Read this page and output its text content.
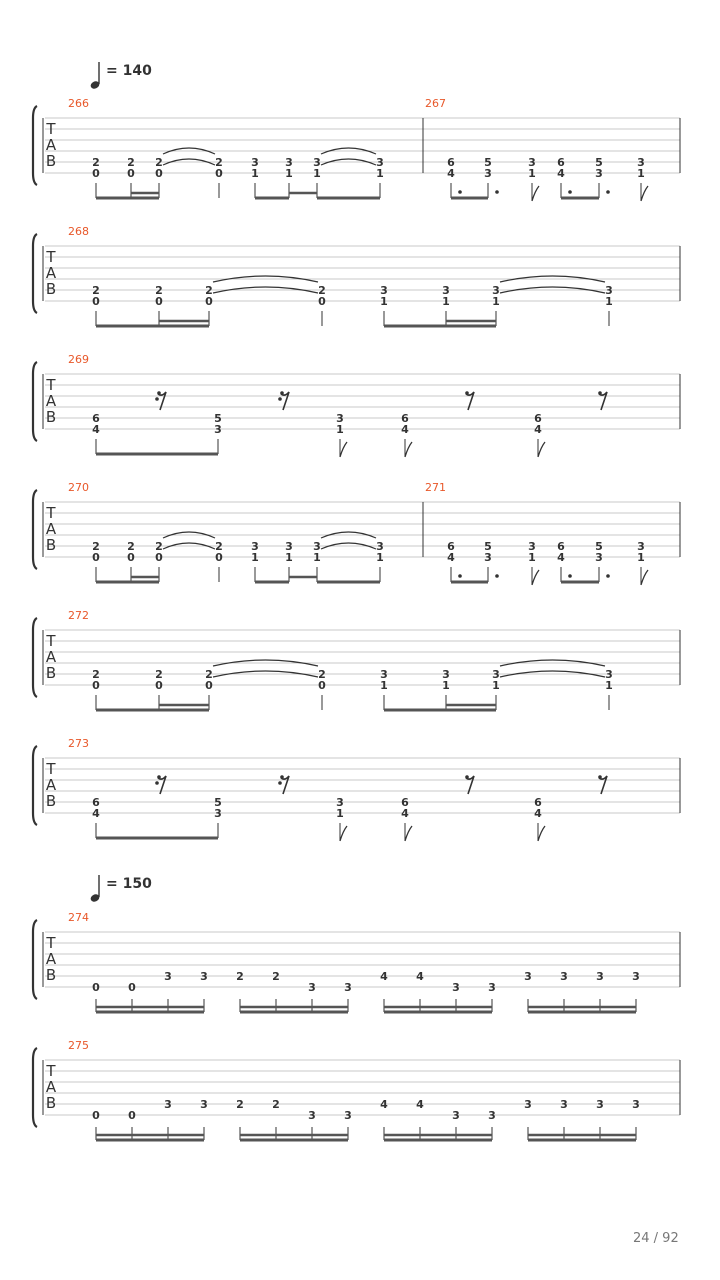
= 140
= 150
T
A
B
266
2
0
2
0
2
0
2
0
3
1
3
1
3
1
3
1
267
6
4
5
3
3
1
6
4
5
3
3
1
T
A
B
268
2
0
2
0
2
0
2
0
3
1
3
1
3
1
3
1
T
A
B
269
6
4
5
3
3
1
6
4
6
4
T
A
B
270
2
0
2
0
2
0
2
0
3
1
3
1
3
1
3
1
271
6
4
5
3
3
1
6
4
5
3
3
1
T
A
B
272
2
0
2
0
2
0
2
0
3
1
3
1
3
1
3
1
T
A
B
273
6
4
5
3
3
1
6
4
6
4
T
A
B
274
0	0
3	3	2	2
3	3
4	4
3	3
3	3	3	3
T
A
B
275
0	0
3	3	2	2
3	3
4	4
3	3
3	3	3	3
24 / 92
